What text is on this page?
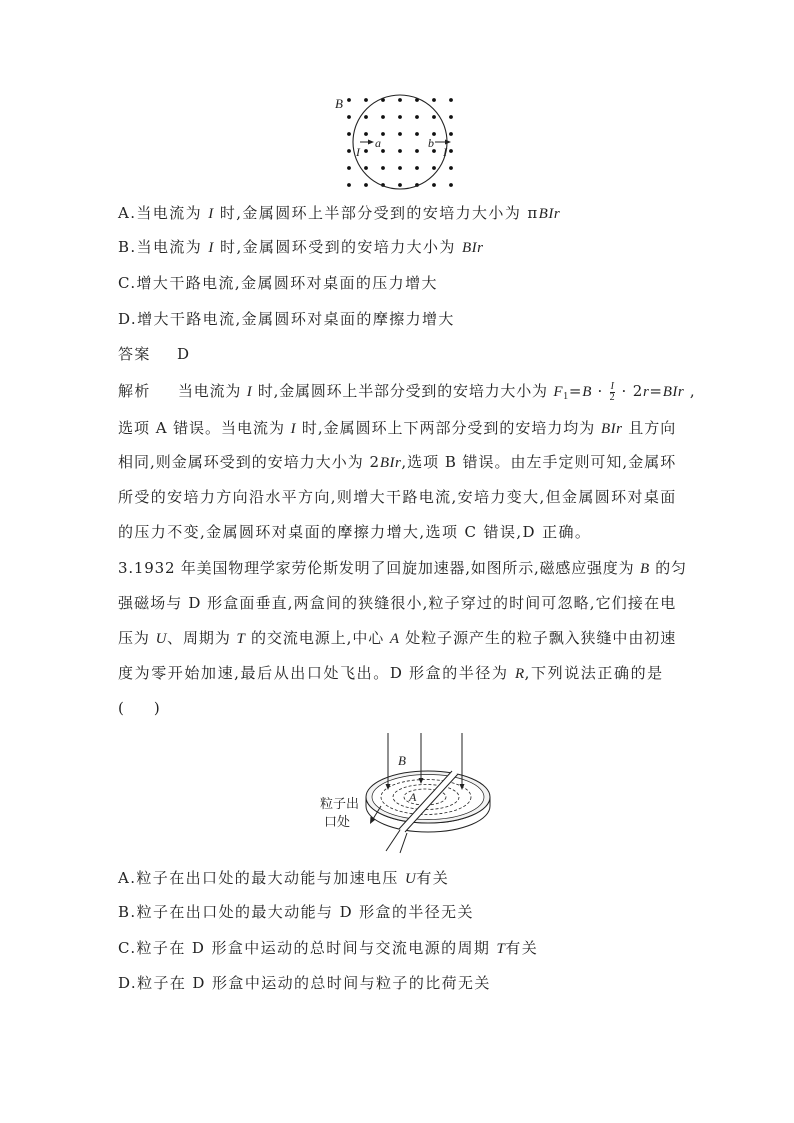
B
I
a	b
I
A.当电流为 I 时,金属圆环上半部分受到的安培力大小为 πBIr
B.当电流为 I 时,金属圆环受到的安培力大小为 BIr
C.增大干路电流,金属圆环对桌面的压力增大
D.增大干路电流,金属圆环对桌面的摩擦力增大
答案 D
解析 当电流为 I 时,金属圆环上半部分受到的安培力大小为 $F_1=B \cdot \frac{I}{2} \cdot 2r=BIr$ ,
选项 A 错误。当电流为 I 时,金属圆环上下两部分受到的安培力均为 BIr 且方向
相同,则金属环受到的安培力大小为 2BIr,选项 B 错误。由左手定则可知,金属环
所受的安培力方向沿水平方向,则增大干路电流,安培力变大,但金属圆环对桌面
的压力不变,金属圆环对桌面的摩擦力增大,选项 C 错误,D 正确。
3.1932 年美国物理学家劳伦斯发明了回旋加速器,如图所示,磁感应强度为 B 的匀
强磁场与 D 形盒面垂直,两盒间的狭缝很小,粒子穿过的时间可忽略,它们接在电
压为 U、周期为 T 的交流电源上,中心 A 处粒子源产生的粒子飘入狭缝中由初速
度为零开始加速,最后从出口处飞出。D 形盒的半径为 R,下列说法正确的是
(　　)
B
A
粒子出
口处
A.粒子在出口处的最大动能与加速电压 U有关
B.粒子在出口处的最大动能与 D 形盒的半径无关
C.粒子在 D 形盒中运动的总时间与交流电源的周期 T有关
D.粒子在 D 形盒中运动的总时间与粒子的比荷无关
